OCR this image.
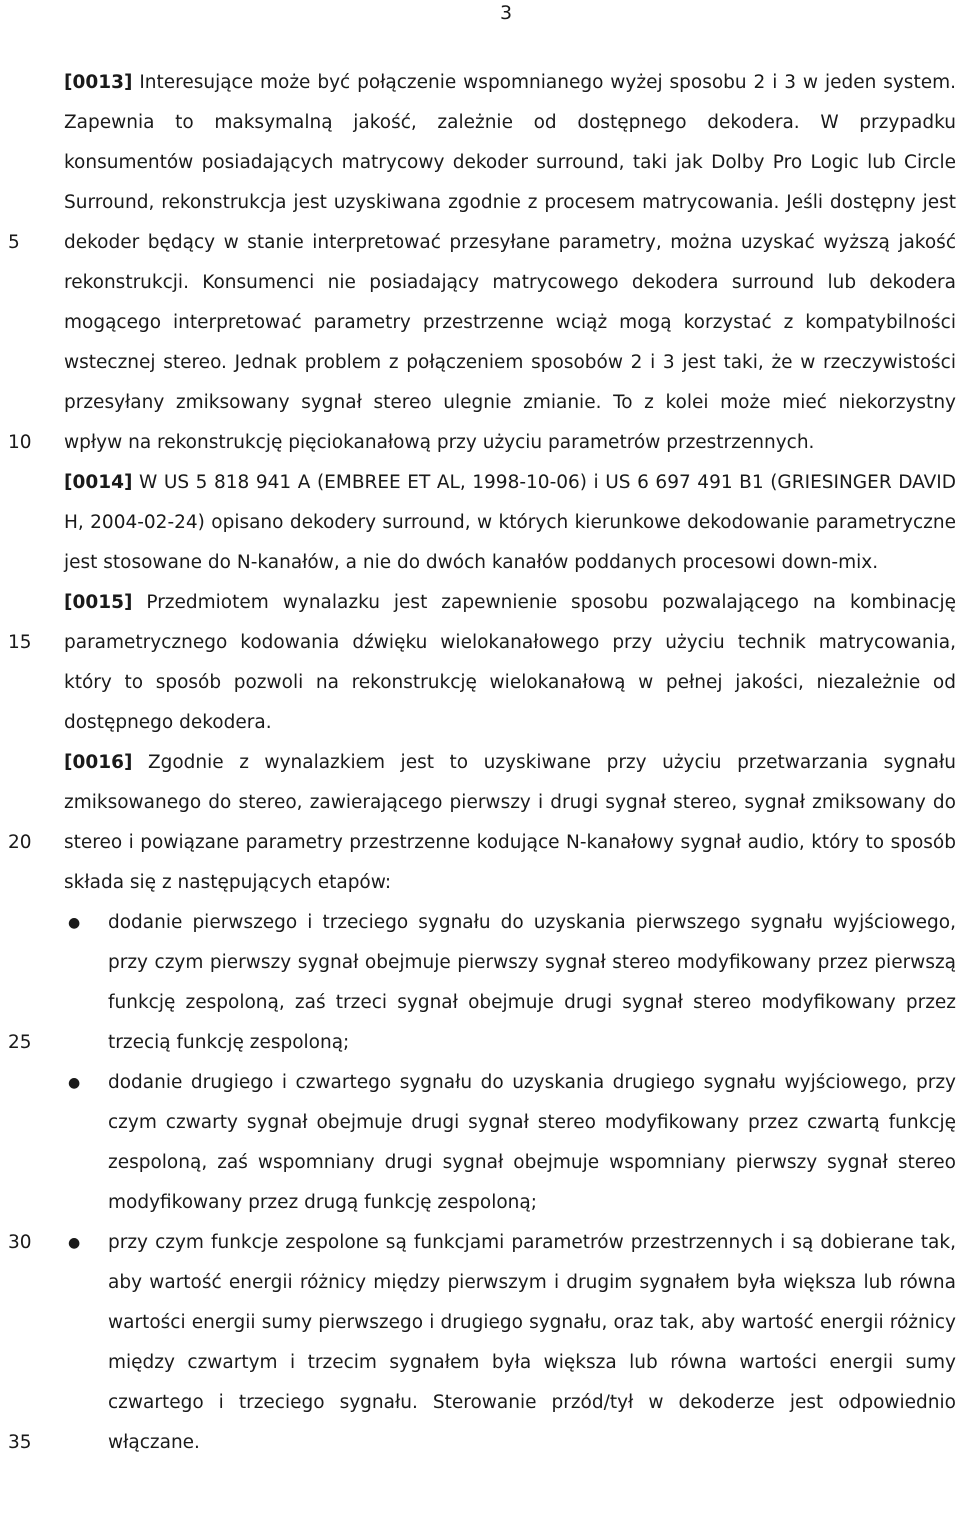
3
5
10
15
20
25
30
35

[0013] Interesujące może być połączenie wspomnianego wyżej sposobu 2 i 3 w jeden system. Zapewnia to maksymalną jakość, zależnie od dostępnego dekodera. W przypadku konsumentów posiadających matrycowy dekoder surround, taki jak Dolby Pro Logic lub Circle Surround, rekonstrukcja jest uzyskiwana zgodnie z procesem matrycowania. Jeśli dostępny jest dekoder będący w stanie interpretować przesyłane parametry, można uzyskać wyższą jakość rekonstrukcji. Konsumenci nie posiadający matrycowego dekodera surround lub dekodera mogącego interpretować parametry przestrzenne wciąż mogą korzystać z kompatybilności wstecznej stereo. Jednak problem z połączeniem sposobów 2 i 3 jest taki, że w rzeczywistości przesyłany zmiksowany sygnał stereo ulegnie zmianie. To z kolei może mieć niekorzystny wpływ na rekonstrukcję pięciokanałową przy użyciu parametrów przestrzennych.

[0014] W US 5 818 941 A (EMBREE ET AL, 1998-10-06) i US 6 697 491 B1 (GRIESINGER DAVID H, 2004-02-24) opisano dekodery surround, w których kierunkowe dekodowanie parametryczne jest stosowane do N-kanałów, a nie do dwóch kanałów poddanych procesowi down-mix.

[0015] Przedmiotem wynalazku jest zapewnienie sposobu pozwalającego na kombinację parametrycznego kodowania dźwięku wielokanałowego przy użyciu technik matrycowania, który to sposób pozwoli na rekonstrukcję wielokanałową w pełnej jakości, niezależnie od dostępnego dekodera.

[0016] Zgodnie z wynalazkiem jest to uzyskiwane przy użyciu przetwarzania sygnału zmiksowanego do stereo, zawierającego pierwszy i drugi sygnał stereo, sygnał zmiksowany do stereo i powiązane parametry przestrzenne kodujące N-kanałowy sygnał audio, który to sposób składa się z następujących etapów:

● dodanie pierwszego i trzeciego sygnału do uzyskania pierwszego sygnału wyjściowego, przy czym pierwszy sygnał obejmuje pierwszy sygnał stereo modyfikowany przez pierwszą funkcję zespoloną, zaś trzeci sygnał obejmuje drugi sygnał stereo modyfikowany przez trzecią funkcję zespoloną;
● dodanie drugiego i czwartego sygnału do uzyskania drugiego sygnału wyjściowego, przy czym czwarty sygnał obejmuje drugi sygnał stereo modyfikowany przez czwartą funkcję zespoloną, zaś wspomniany drugi sygnał obejmuje wspomniany pierwszy sygnał stereo modyfikowany przez drugą funkcję zespoloną;
● przy czym funkcje zespolone są funkcjami parametrów przestrzennych i są dobierane tak, aby wartość energii różnicy między pierwszym i drugim sygnałem była większa lub równa wartości energii sumy pierwszego i drugiego sygnału, oraz tak, aby wartość energii różnicy między czwartym i trzecim sygnałem była większa lub równa wartości energii sumy czwartego i trzeciego sygnału. Sterowanie przód/tył w dekoderze jest odpowiednio włączane.
